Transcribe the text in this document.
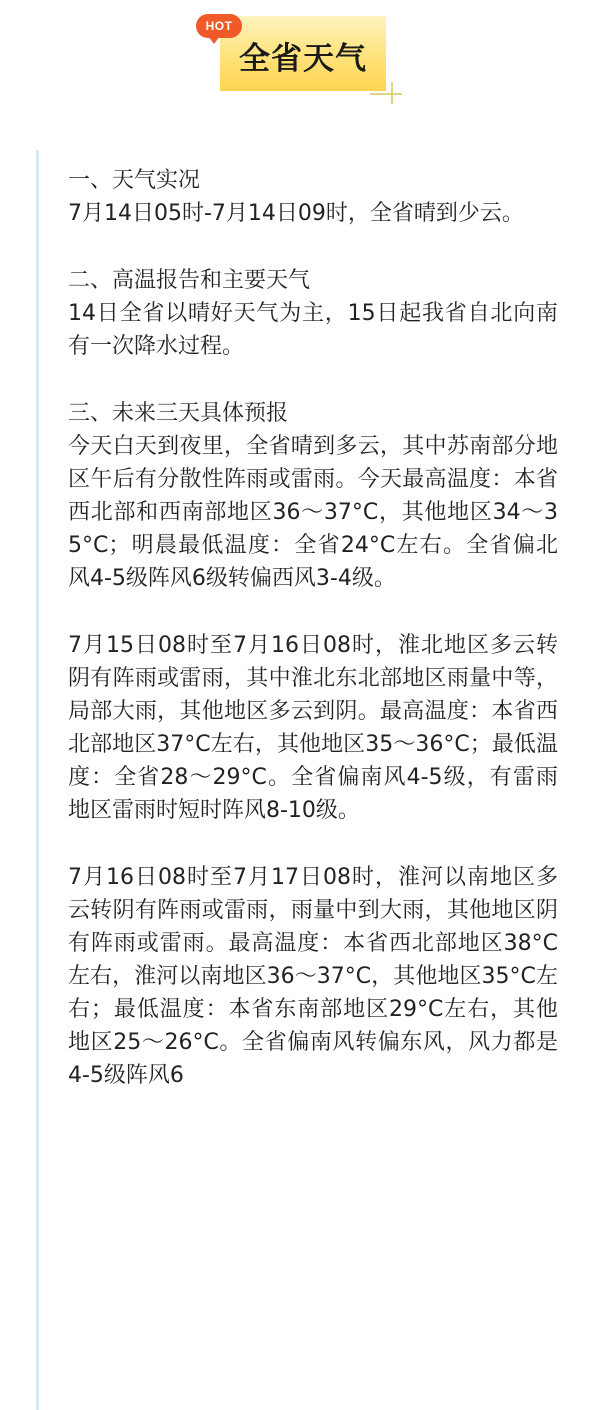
全省天气
HOT

一、天气实况

7月14日05时-7月14日09时，全省晴到少云。

二、高温报告和主要天气

14日全省以晴好天气为主，15日起我省自北向南有一次降水过程。

三、未来三天具体预报

今天白天到夜里，全省晴到多云，其中苏南部分地区午后有分散性阵雨或雷雨。今天最高温度：本省西北部和西南部地区36～37°C，其他地区34～35°C；明晨最低温度：全省24°C左右。全省偏北风4-5级阵风6级转偏西风3-4级。

7月15日08时至7月16日08时，淮北地区多云转阴有阵雨或雷雨，其中淮北东北部地区雨量中等，局部大雨，其他地区多云到阴。最高温度：本省西北部地区37°C左右，其他地区35～36°C；最低温度：全省28～29°C。全省偏南风4-5级，有雷雨地区雷雨时短时阵风8-10级。

7月16日08时至7月17日08时，淮河以南地区多云转阴有阵雨或雷雨，雨量中到大雨，其他地区阴有阵雨或雷雨。最高温度：本省西北部地区38°C左右，淮河以南地区36～37°C，其他地区35°C左右；最低温度：本省东南部地区29°C左右，其他地区25～26°C。全省偏南风转偏东风，风力都是4-5级阵风6
